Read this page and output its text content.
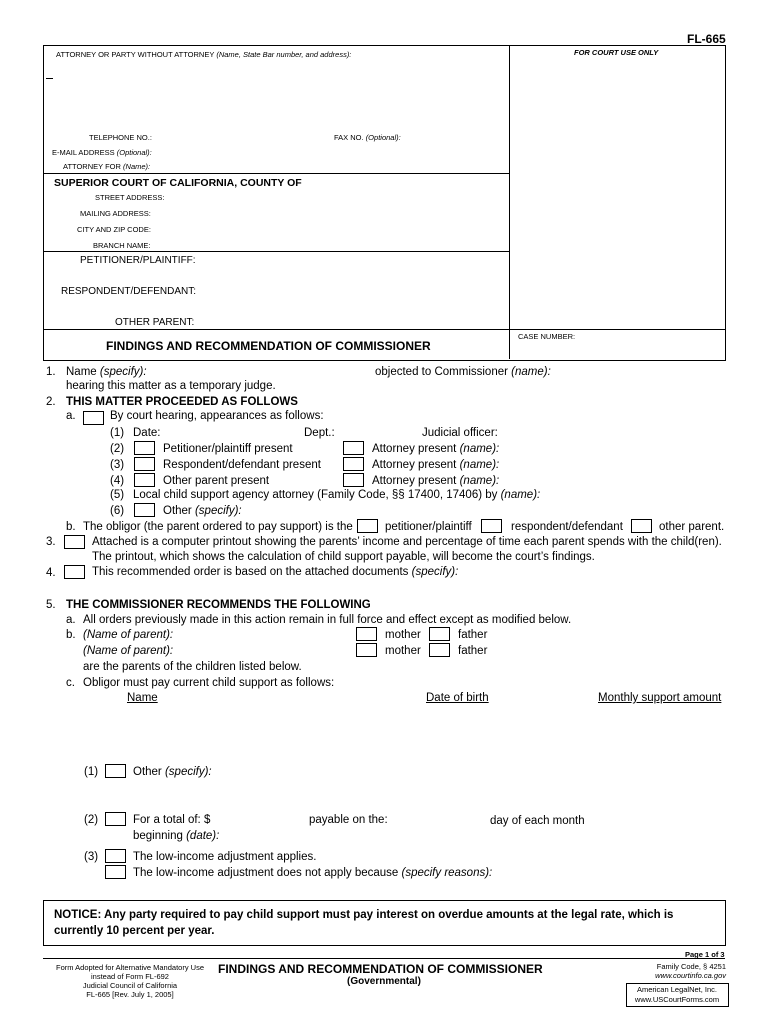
FL-665
ATTORNEY OR PARTY WITHOUT ATTORNEY (Name, State Bar number, and address):	FOR COURT USE ONLY
TELEPHONE NO.:	FAX NO. (Optional):
E-MAIL ADDRESS (Optional):
ATTORNEY FOR (Name):
SUPERIOR COURT OF CALIFORNIA, COUNTY OF
STREET ADDRESS:
MAILING ADDRESS:
CITY AND ZIP CODE:
BRANCH NAME:
PETITIONER/PLAINTIFF:
RESPONDENT/DEFENDANT:
OTHER PARENT:
FINDINGS AND RECOMMENDATION OF COMMISSIONER
CASE NUMBER:
1. Name (specify):
hearing this matter as a temporary judge.
objected to Commissioner (name):
2. THIS MATTER PROCEEDED AS FOLLOWS
a.	By court hearing, appearances as follows:
(1) Date:	Dept.:	Judicial officer:
(2)	Petitioner/plaintiff present	Attorney present (name):
(3)	Respondent/defendant present	Attorney present (name):
(4)	Other parent present	Attorney present (name):
(5) Local child support agency attorney (Family Code, §§ 17400, 17406) by (name):
(6)	Other (specify):
b. The obligor (the parent ordered to pay support) is the	petitioner/plaintiff	respondent/defendant	other parent.
3.	Attached is a computer printout showing the parents’ income and percentage of time each parent spends with the child(ren).
The printout, which shows the calculation of child support payable, will become the court’s findings.
4.	This recommended order is based on the attached documents (specify):
5. THE COMMISSIONER RECOMMENDS THE FOLLOWING
a. All orders previously made in this action remain in full force and effect except as modified below.
b. (Name of parent):	mother	father
(Name of parent):	mother	father
are the parents of the children listed below.
c. Obligor must pay current child support as follows:
Name	Date of birth	Monthly support amount
(1)	Other (specify):
(2)	For a total of: $	payable on the:	day of each month
beginning (date):
(3)	The low-income adjustment applies.
The low-income adjustment does not apply because (specify reasons):
NOTICE: Any party required to pay child support must pay interest on overdue amounts at the legal rate, which is
currently 10 percent per year.
Page 1 of 3
Form Adopted for Alternative Mandatory Use
instead of Form FL-692
Judicial Council of California
FL-665 [Rev. July 1, 2005]
FINDINGS AND RECOMMENDATION OF COMMISSIONER
(Governmental)
Family Code, § 4251
www.courtinfo.ca.gov
American LegalNet, Inc.
www.USCourtForms.com
